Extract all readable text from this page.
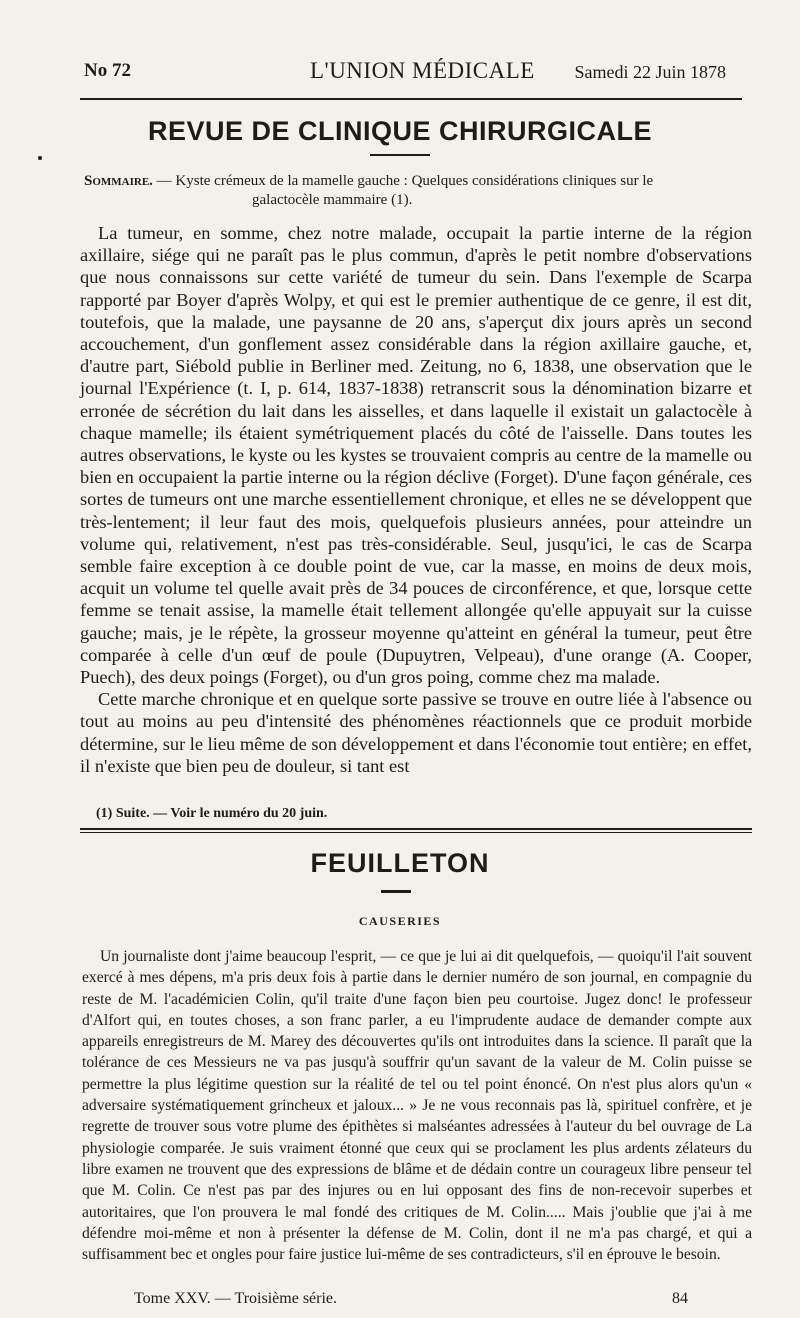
No 72	L'UNION MÉDICALE Samedi 22 Juin 1878
REVUE DE CLINIQUE CHIRURGICALE
Sommaire. — Kyste crémeux de la mamelle gauche : Quelques considérations cliniques sur le
galactocèle mammaire (1).

La tumeur, en somme, chez notre malade, occupait la partie interne de la région axillaire, siége qui ne paraît pas le plus commun, d'après le petit nombre d'observations que nous connaissons sur cette variété de tumeur du sein. Dans l'exemple de Scarpa rapporté par Boyer d'après Wolpy, et qui est le premier authentique de ce genre, il est dit, toutefois, que la malade, une paysanne de 20 ans, s'aperçut dix jours après un second accouchement, d'un gonflement assez considérable dans la région axillaire gauche, et, d'autre part, Siébold publie in Berliner med. Zeitung, no 6, 1838, une observation que le journal l'Expérience (t. I, p. 614, 1837-1838) retranscrit sous la dénomination bizarre et erronée de sécrétion du lait dans les aisselles, et dans laquelle il existait un galactocèle à chaque mamelle; ils étaient symétriquement placés du côté de l'aisselle. Dans toutes les autres observations, le kyste ou les kystes se trouvaient compris au centre de la mamelle ou bien en occupaient la partie interne ou la région déclive (Forget). D'une façon générale, ces sortes de tumeurs ont une marche essentiellement chronique, et elles ne se développent que très-lentement; il leur faut des mois, quelquefois plusieurs années, pour atteindre un volume qui, relativement, n'est pas très-considérable. Seul, jusqu'ici, le cas de Scarpa semble faire exception à ce double point de vue, car la masse, en moins de deux mois, acquit un volume tel quelle avait près de 34 pouces de circonférence, et que, lorsque cette femme se tenait assise, la mamelle était tellement allongée qu'elle appuyait sur la cuisse gauche; mais, je le répète, la grosseur moyenne qu'atteint en général la tumeur, peut être comparée à celle d'un œuf de poule (Dupuytren, Velpeau), d'une orange (A. Cooper, Puech), des deux poings (Forget), ou d'un gros poing, comme chez ma malade.

Cette marche chronique et en quelque sorte passive se trouve en outre liée à l'absence ou tout au moins au peu d'intensité des phénomènes réactionnels que ce produit morbide détermine, sur le lieu même de son développement et dans l'économie tout entière; en effet, il n'existe que bien peu de douleur, si tant est

(1) Suite. — Voir le numéro du 20 juin.
FEUILLETON
CAUSERIES

Un journaliste dont j'aime beaucoup l'esprit, — ce que je lui ai dit quelquefois, — quoiqu'il l'ait souvent exercé à mes dépens, m'a pris deux fois à partie dans le dernier numéro de son journal, en compagnie du reste de M. l'académicien Colin, qu'il traite d'une façon bien peu courtoise. Jugez donc! le professeur d'Alfort qui, en toutes choses, a son franc parler, a eu l'imprudente audace de demander compte aux appareils enregistreurs de M. Marey des découvertes qu'ils ont introduites dans la science. Il paraît que la tolérance de ces Messieurs ne va pas jusqu'à souffrir qu'un savant de la valeur de M. Colin puisse se permettre la plus légitime question sur la réalité de tel ou tel point énoncé. On n'est plus alors qu'un « adversaire systématiquement grincheux et jaloux... » Je ne vous reconnais pas là, spirituel confrère, et je regrette de trouver sous votre plume des épithètes si malséantes adressées à l'auteur du bel ouvrage de La physiologie comparée. Je suis vraiment étonné que ceux qui se proclament les plus ardents zélateurs du libre examen ne trouvent que des expressions de blâme et de dédain contre un courageux libre penseur tel que M. Colin. Ce n'est pas par des injures ou en lui opposant des fins de non-recevoir superbes et autoritaires, que l'on prouvera le mal fondé des critiques de M. Colin..... Mais j'oublie que j'ai à me défendre moi-même et non à présenter la défense de M. Colin, dont il ne m'a pas chargé, et qui a suffisamment bec et ongles pour faire justice lui-même de ses contradicteurs, s'il en éprouve le besoin.

Tome XXV. — Troisième série.	84
